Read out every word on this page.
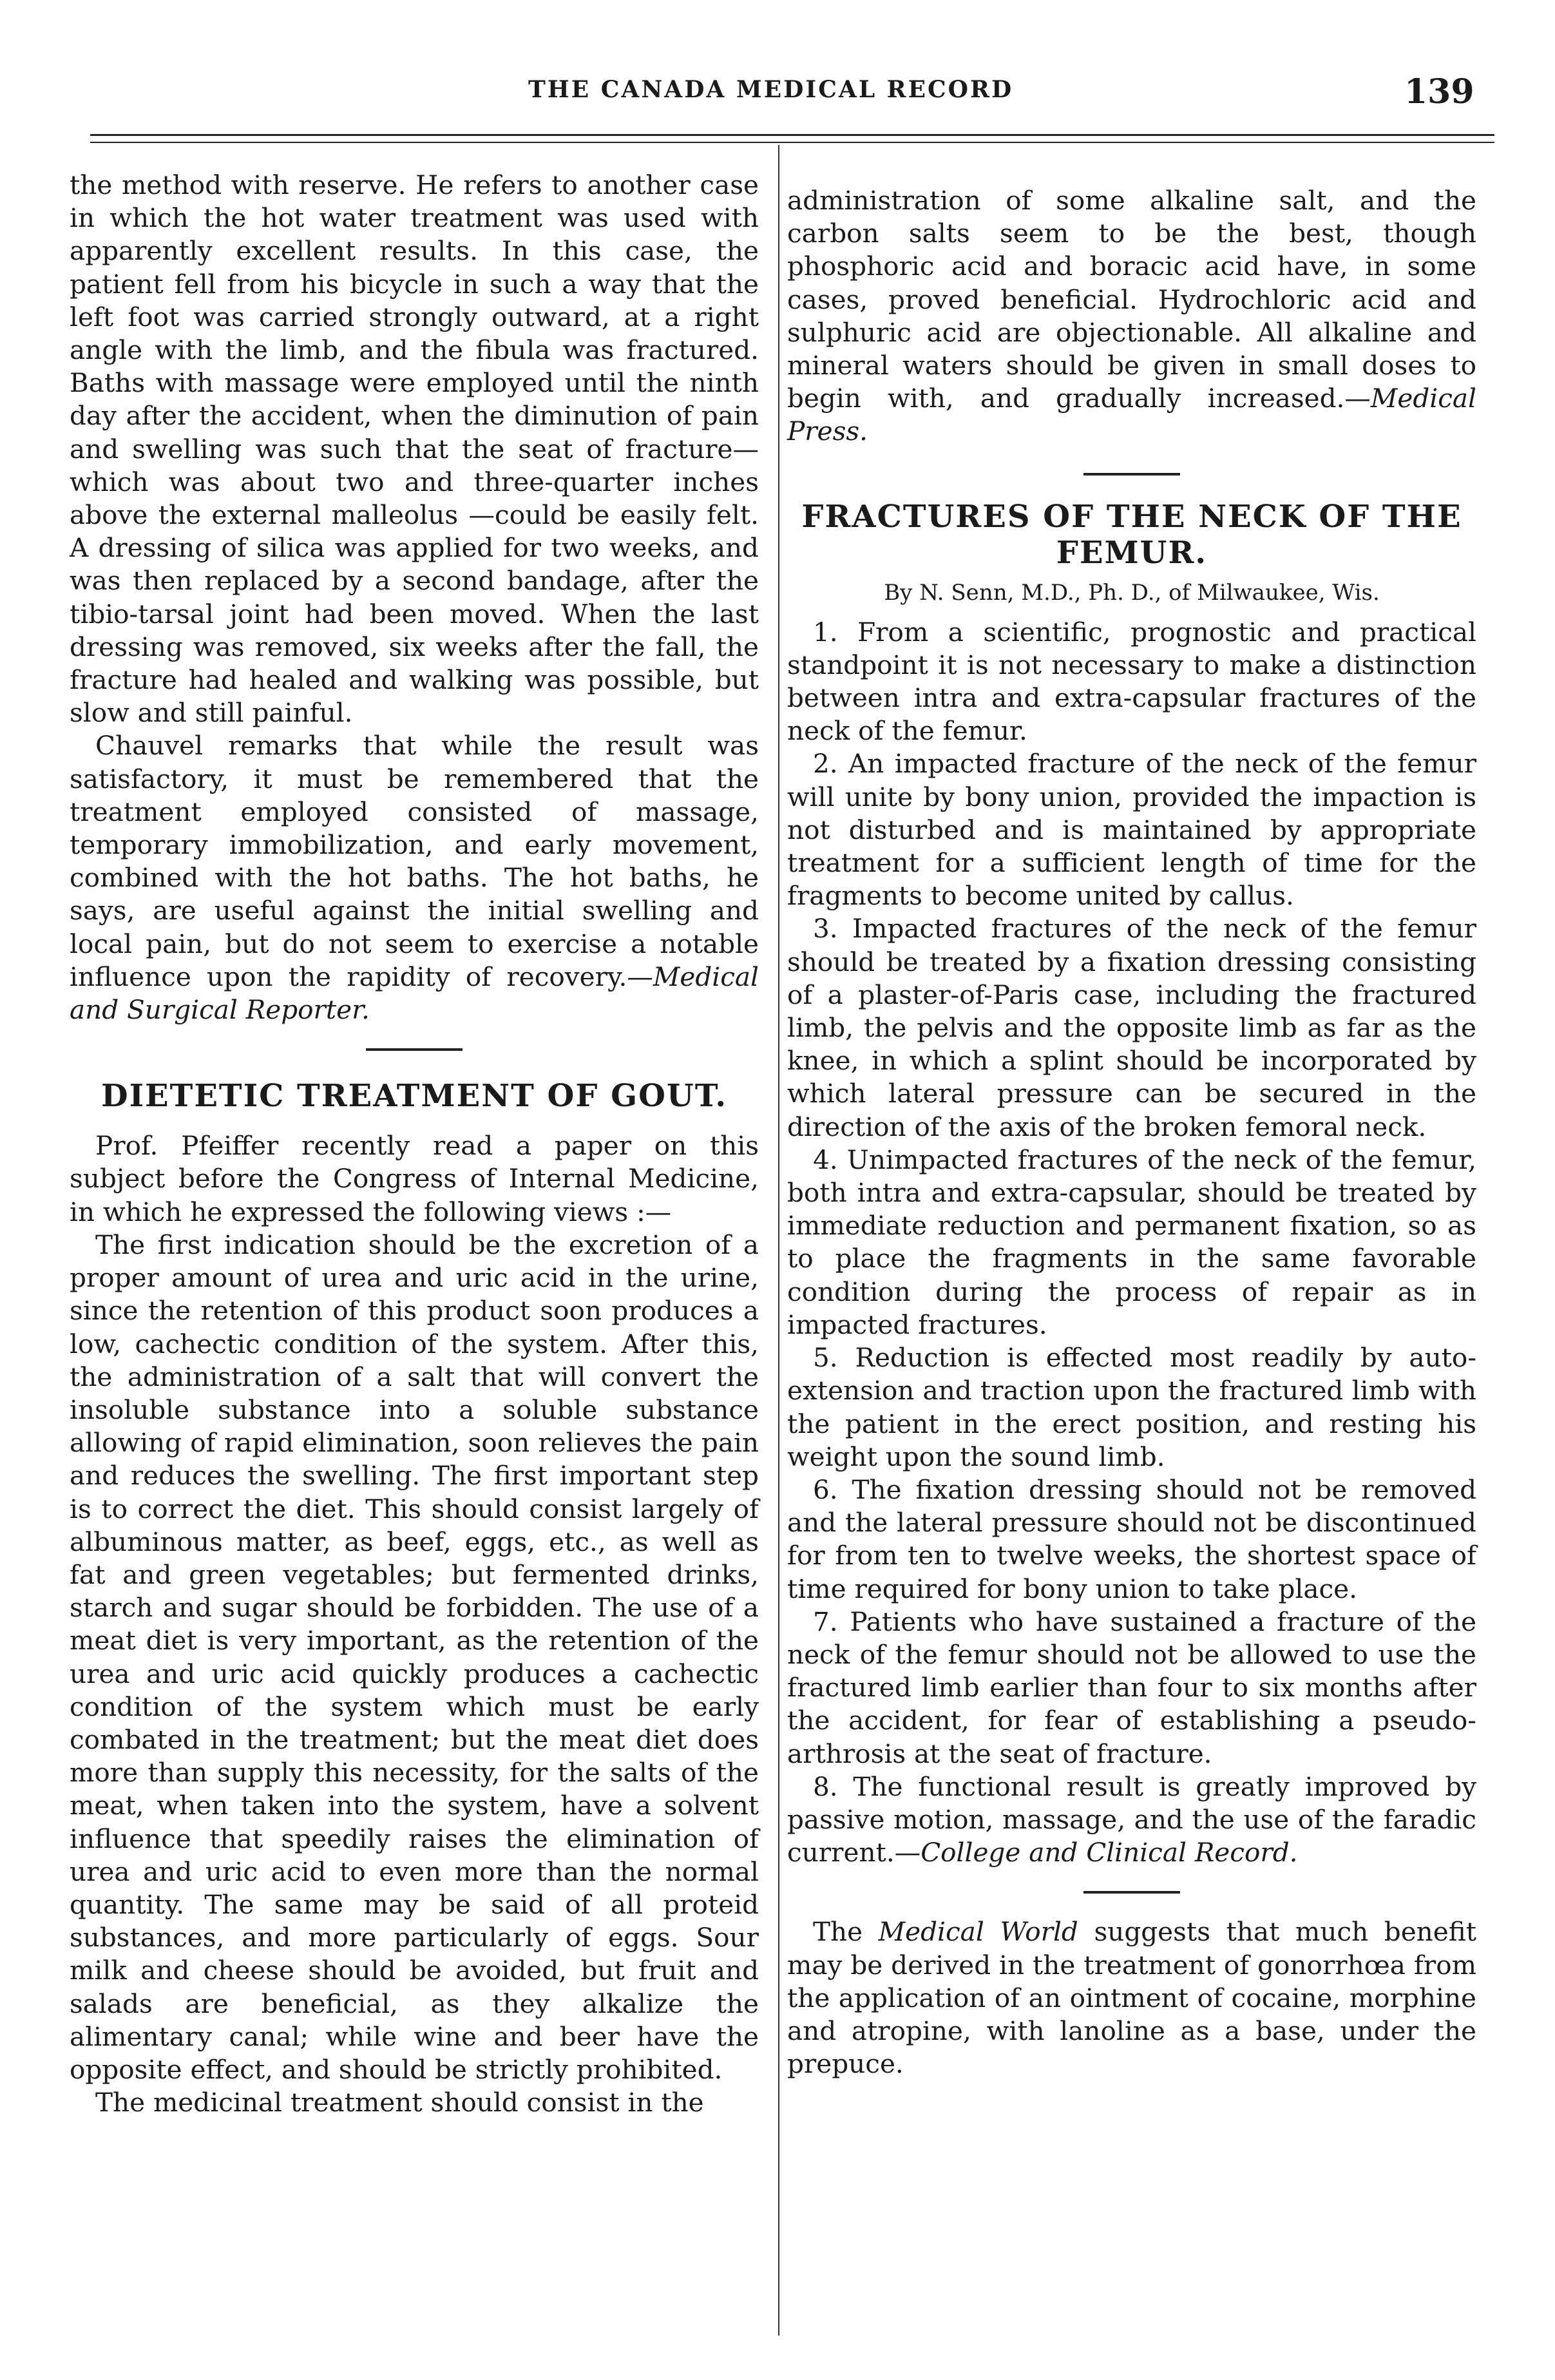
THE CANADA MEDICAL RECORD	139

the method with reserve. He refers to another case in which the hot water treatment was used with apparently excellent results. In this case, the patient fell from his bicycle in such a way that the left foot was carried strongly outward, at a right angle with the limb, and the fibula was fractured. Baths with massage were employed until the ninth day after the accident, when the diminution of pain and swelling was such that the seat of fracture—which was about two and three-quarter inches above the external malleolus —could be easily felt. A dressing of silica was applied for two weeks, and was then replaced by a second bandage, after the tibio-tarsal joint had been moved. When the last dressing was removed, six weeks after the fall, the fracture had healed and walking was possible, but slow and still painful.

Chauvel remarks that while the result was satisfactory, it must be remembered that the treatment employed consisted of massage, temporary immobilization, and early movement, combined with the hot baths. The hot baths, he says, are useful against the initial swelling and local pain, but do not seem to exercise a notable influence upon the rapidity of recovery.—Medical and Surgical Reporter.

DIETETIC TREATMENT OF GOUT.

Prof. Pfeiffer recently read a paper on this subject before the Congress of Internal Medicine, in which he expressed the following views :—

The first indication should be the excretion of a proper amount of urea and uric acid in the urine, since the retention of this product soon produces a low, cachectic condition of the system. After this, the administration of a salt that will convert the insoluble substance into a soluble substance allowing of rapid elimination, soon relieves the pain and reduces the swelling. The first important step is to correct the diet. This should consist largely of albuminous matter, as beef, eggs, etc., as well as fat and green vegetables; but fermented drinks, starch and sugar should be forbidden. The use of a meat diet is very important, as the retention of the urea and uric acid quickly produces a cachectic condition of the system which must be early combated in the treatment; but the meat diet does more than supply this necessity, for the salts of the meat, when taken into the system, have a solvent influence that speedily raises the elimination of urea and uric acid to even more than the normal quantity. The same may be said of all proteid substances, and more particularly of eggs. Sour milk and cheese should be avoided, but fruit and salads are beneficial, as they alkalize the alimentary canal; while wine and beer have the opposite effect, and should be strictly prohibited.

The medicinal treatment should consist in the

administration of some alkaline salt, and the carbon salts seem to be the best, though phosphoric acid and boracic acid have, in some cases, proved beneficial. Hydrochloric acid and sulphuric acid are objectionable. All alkaline and mineral waters should be given in small doses to begin with, and gradually increased.—Medical Press.

FRACTURES OF THE NECK OF THE FEMUR.

By N. Senn, M.D., Ph. D., of Milwaukee, Wis.

1. From a scientific, prognostic and practical standpoint it is not necessary to make a distinction between intra and extra-capsular fractures of the neck of the femur.

2. An impacted fracture of the neck of the femur will unite by bony union, provided the impaction is not disturbed and is maintained by appropriate treatment for a sufficient length of time for the fragments to become united by callus.

3. Impacted fractures of the neck of the femur should be treated by a fixation dressing consisting of a plaster-of-Paris case, including the fractured limb, the pelvis and the opposite limb as far as the knee, in which a splint should be incorporated by which lateral pressure can be secured in the direction of the axis of the broken femoral neck.

4. Unimpacted fractures of the neck of the femur, both intra and extra-capsular, should be treated by immediate reduction and permanent fixation, so as to place the fragments in the same favorable condition during the process of repair as in impacted fractures.

5. Reduction is effected most readily by auto-extension and traction upon the fractured limb with the patient in the erect position, and resting his weight upon the sound limb.

6. The fixation dressing should not be removed and the lateral pressure should not be discontinued for from ten to twelve weeks, the shortest space of time required for bony union to take place.

7. Patients who have sustained a fracture of the neck of the femur should not be allowed to use the fractured limb earlier than four to six months after the accident, for fear of establishing a pseudo-arthrosis at the seat of fracture.

8. The functional result is greatly improved by passive motion, massage, and the use of the faradic current.—College and Clinical Record.

The Medical World suggests that much benefit may be derived in the treatment of gonorrhœa from the application of an ointment of cocaine, morphine and atropine, with lanoline as a base, under the prepuce.
